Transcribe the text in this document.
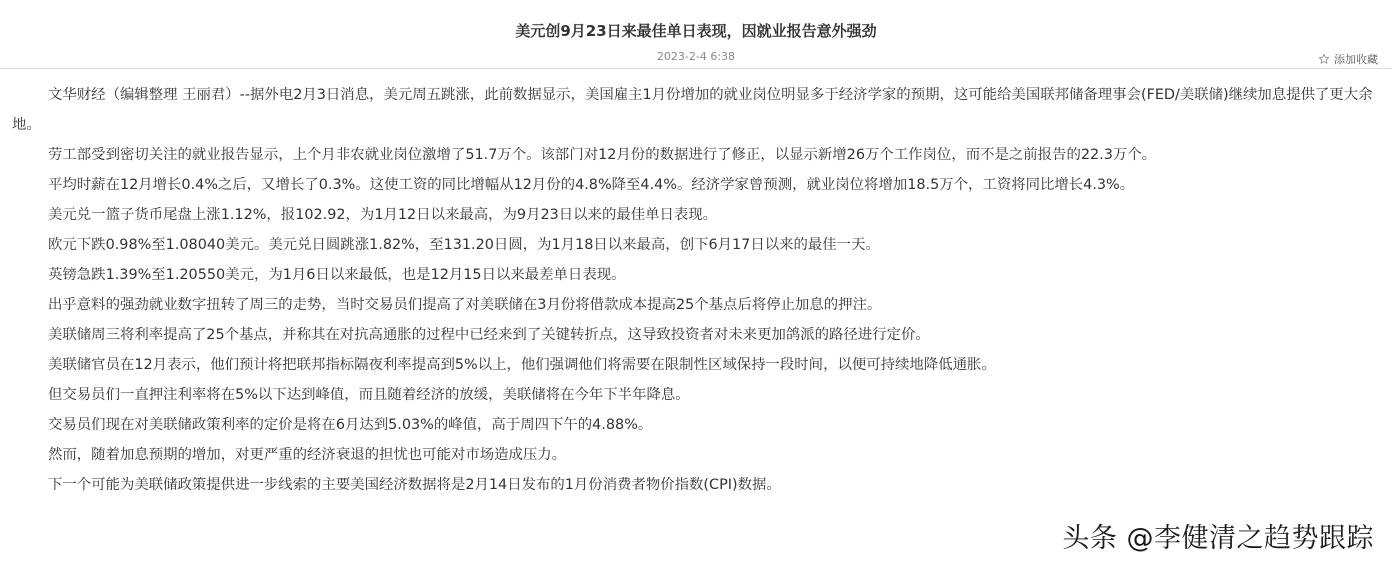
美元创9月23日来最佳单日表现，因就业报告意外强劲
2023-2-4 6:38	添加收藏

文华财经（编辑整理 王丽君）--据外电2月3日消息，美元周五跳涨，此前数据显示，美国雇主1月份增加的就业岗位明显多于经济学家的预期，这可能给美国联邦储备理事会(FED/美联储)继续加息提供了更大余地。

劳工部受到密切关注的就业报告显示，上个月非农就业岗位激增了51.7万个。该部门对12月份的数据进行了修正，以显示新增26万个工作岗位，而不是之前报告的22.3万个。

平均时薪在12月增长0.4%之后，又增长了0.3%。这使工资的同比增幅从12月份的4.8%降至4.4%。经济学家曾预测，就业岗位将增加18.5万个，工资将同比增长4.3%。

美元兑一篮子货币尾盘上涨1.12%，报102.92，为1月12日以来最高，为9月23日以来的最佳单日表现。

欧元下跌0.98%至1.08040美元。美元兑日圆跳涨1.82%，至131.20日圆，为1月18日以来最高，创下6月17日以来的最佳一天。

英镑急跌1.39%至1.20550美元，为1月6日以来最低，也是12月15日以来最差单日表现。

出乎意料的强劲就业数字扭转了周三的走势，当时交易员们提高了对美联储在3月份将借款成本提高25个基点后将停止加息的押注。

美联储周三将利率提高了25个基点，并称其在对抗高通胀的过程中已经来到了关键转折点，这导致投资者对未来更加鸽派的路径进行定价。

美联储官员在12月表示，他们预计将把联邦指标隔夜利率提高到5%以上，他们强调他们将需要在限制性区域保持一段时间，以便可持续地降低通胀。

但交易员们一直押注利率将在5%以下达到峰值，而且随着经济的放缓，美联储将在今年下半年降息。

交易员们现在对美联储政策利率的定价是将在6月达到5.03%的峰值，高于周四下午的4.88%。

然而，随着加息预期的增加，对更严重的经济衰退的担忧也可能对市场造成压力。

下一个可能为美联储政策提供进一步线索的主要美国经济数据将是2月14日发布的1月份消费者物价指数(CPI)数据。

头条 @李健清之趋势跟踪
